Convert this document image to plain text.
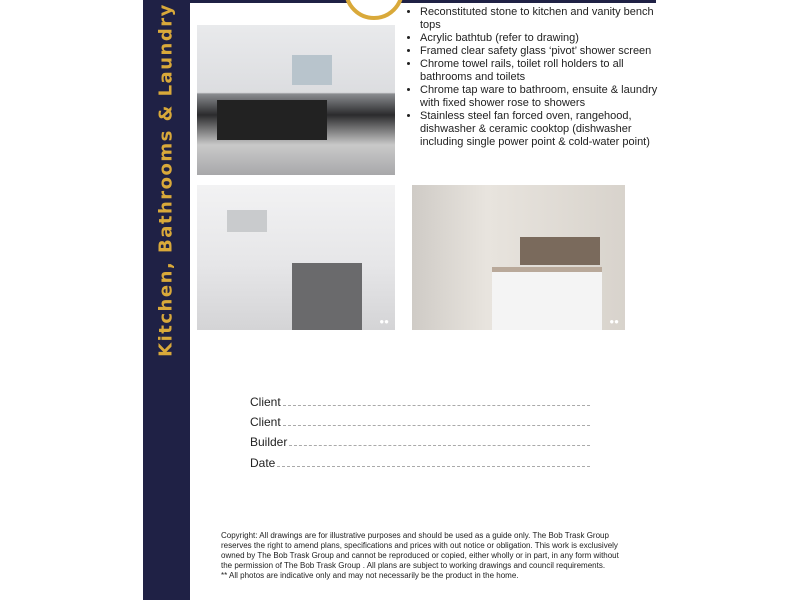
Kitchen, Bathrooms & Laundry	●●	●●
• Reconstituted stone to kitchen and vanity bench tops
• Acrylic bathtub (refer to drawing)
• Framed clear safety glass ‘pivot’ shower screen
• Chrome towel rails, toilet roll holders to all bathrooms and toilets
• Chrome tap ware to bathroom, ensuite & laundry with fixed shower rose to showers
• Stainless steel fan forced oven, rangehood, dishwasher & ceramic cooktop (dishwasher including single power point & cold-water point)
Client
Client
Builder
Date
Copyright: All drawings are for illustrative purposes and should be used as a guide only. The Bob Trask Group reserves the right to amend plans, specifications and prices with out notice or obligation. This work is exclusively owned by The Bob Trask Group and cannot be reproduced or copied, either wholly or in part, in any form without the permission of The Bob Trask Group . All plans are subject to working drawings and council requirements.
** All photos are indicative only and may not necessarily be the product in the home.
